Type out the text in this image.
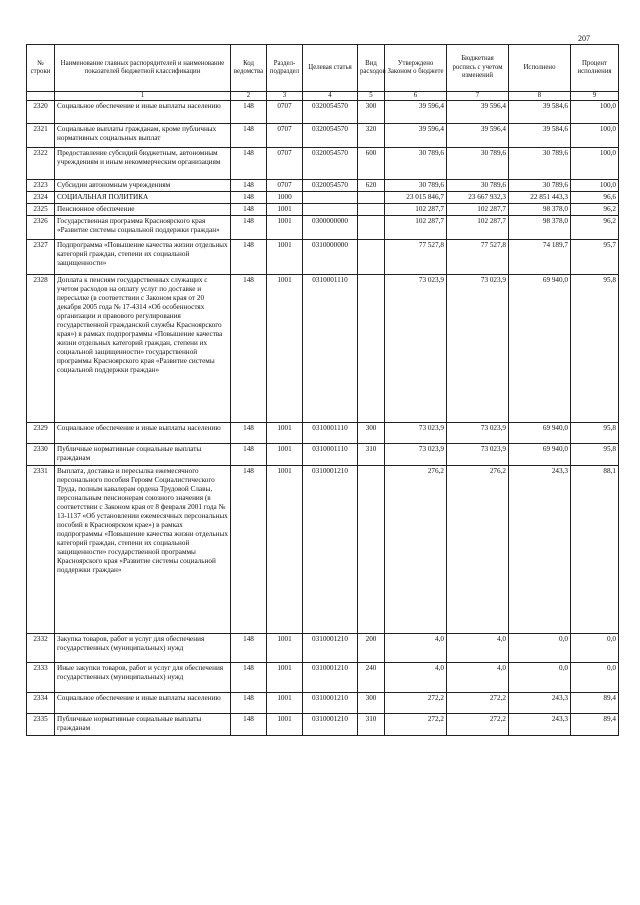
207
№ строки	Наименование главных распорядителей и наименование показателей бюджетной классификации	Код ведомства	Раздел-подраздел	Целевая статья	Вид расходов	Утверждено Законом о бюджете	Бюджетная роспись с учетом изменений	Исполнено	Процент исполнения
	1	2	3	4	5	6	7	8	9
2320	Социальное обеспечение и иные выплаты населению	148	0707	0320054570	300	39 596,4	39 596,4	39 584,6	100,0
2321	Социальные выплаты гражданам, кроме публичных нормативных социальных выплат	148	0707	0320054570	320	39 596,4	39 596,4	39 584,6	100,0
2322	Предоставление субсидий бюджетным, автономным учреждениям и иным некоммерческим организациям	148	0707	0320054570	600	30 789,6	30 789,6	30 789,6	100,0
2323	Субсидии автономным учреждениям	148	0707	0320054570	620	30 789,6	30 789,6	30 789,6	100,0
2324	СОЦИАЛЬНАЯ ПОЛИТИКА	148	1000			23 015 846,7	23 667 932,3	22 851 443,3	96,6
2325	Пенсионное обеспечение	148	1001			102 287,7	102 287,7	98 378,0	96,2
2326	Государственная программа Красноярского края «Развитие системы социальной поддержки граждан»	148	1001	0300000000		102 287,7	102 287,7	98 378,0	96,2
2327	Подпрограмма «Повышение качества жизни отдельных категорий граждан, степени их социальной защищенности»	148	1001	0310000000		77 527,8	77 527,8	74 189,7	95,7
2328	Доплата к пенсиям государственных служащих с учетом расходов на оплату услуг по доставке и пересылке (в соответствии с Законом края от 20 декабря 2005 года № 17-4314 «Об особенностях организации и правового регулирования государственной гражданской службы Красноярского края») в рамках подпрограммы «Повышение качества жизни отдельных категорий граждан, степени их социальной защищенности» государственной программы Красноярского края «Развитие системы социальной поддержки граждан»	148	1001	0310001110		73 023,9	73 023,9	69 940,0	95,8
2329	Социальное обеспечение и иные выплаты населению	148	1001	0310001110	300	73 023,9	73 023,9	69 940,0	95,8
2330	Публичные нормативные социальные выплаты гражданам	148	1001	0310001110	310	73 023,9	73 023,9	69 940,0	95,8
2331	Выплата, доставка и пересылка ежемесячного персонального пособия Героям Социалистического Труда, полным кавалерам ордена Трудовой Славы, персональным пенсионерам союзного значения (в соответствии с Законом края от 8 февраля 2001 года № 13-1137 «Об установлении ежемесячных персональных пособий в Красноярском крае») в рамках подпрограммы «Повышение качества жизни отдельных категорий граждан, степени их социальной защищенности» государственной программы Красноярского края «Развитие системы социальной поддержки граждан»	148	1001	0310001210		276,2	276,2	243,3	88,1
2332	Закупка товаров, работ и услуг для обеспечения государственных (муниципальных) нужд	148	1001	0310001210	200	4,0	4,0	0,0	0,0
2333	Иные закупки товаров, работ и услуг для обеспечения государственных (муниципальных) нужд	148	1001	0310001210	240	4,0	4,0	0,0	0,0
2334	Социальное обеспечение и иные выплаты населению	148	1001	0310001210	300	272,2	272,2	243,3	89,4
2335	Публичные нормативные социальные выплаты гражданам	148	1001	0310001210	310	272,2	272,2	243,3	89,4
